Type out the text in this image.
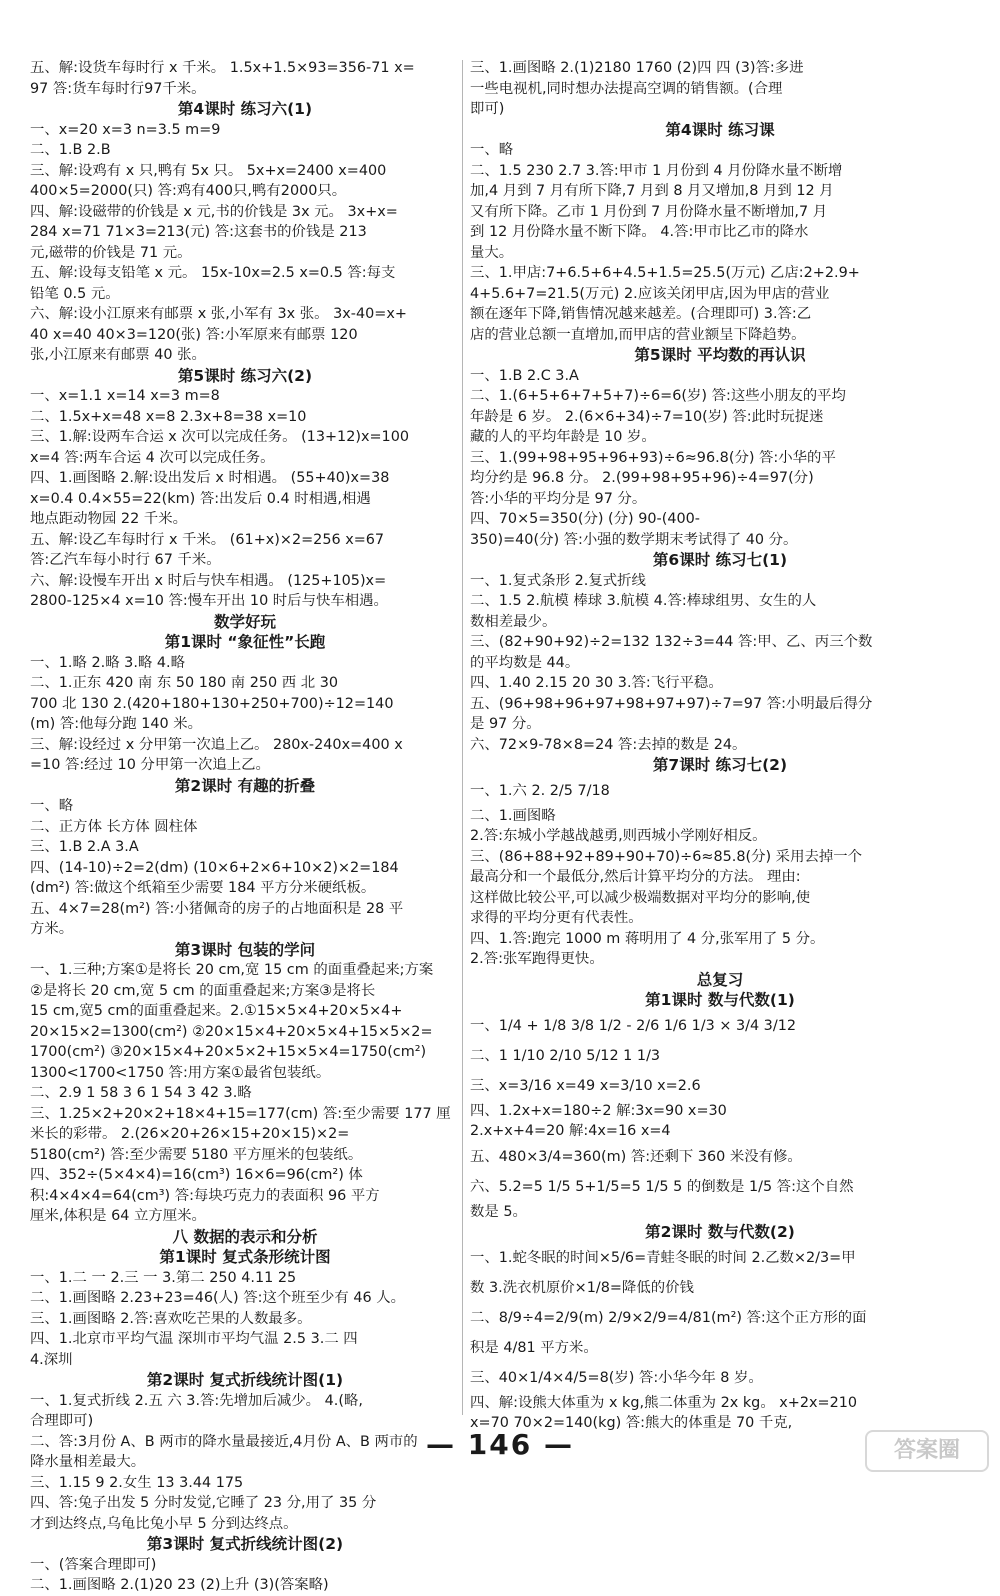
五、解:设货车每时行 x 千米。 1.5x+1.5×93=356-71 x=
97 答:货车每时行97千米。
第4课时 练习六(1)
一、x=20 x=3 n=3.5 m=9
二、1.B 2.B
三、解:设鸡有 x 只,鸭有 5x 只。 5x+x=2400 x=400
400×5=2000(只) 答:鸡有400只,鸭有2000只。
四、解:设磁带的价钱是 x 元,书的价钱是 3x 元。 3x+x=
284 x=71 71×3=213(元) 答:这套书的价钱是 213
元,磁带的价钱是 71 元。
五、解:设每支铅笔 x 元。 15x-10x=2.5 x=0.5 答:每支
铅笔 0.5 元。
六、解:设小江原来有邮票 x 张,小军有 3x 张。 3x-40=x+
40 x=40 40×3=120(张) 答:小军原来有邮票 120
张,小江原来有邮票 40 张。
第5课时 练习六(2)
一、x=1.1 x=14 x=3 m=8
二、1.5x+x=48 x=8 2.3x+8=38 x=10
三、1.解:设两车合运 x 次可以完成任务。 (13+12)x=100
x=4 答:两车合运 4 次可以完成任务。
四、1.画图略 2.解:设出发后 x 时相遇。 (55+40)x=38
x=0.4 0.4×55=22(km) 答:出发后 0.4 时相遇,相遇
地点距动物园 22 千米。
五、解:设乙车每时行 x 千米。 (61+x)×2=256 x=67
答:乙汽车每小时行 67 千米。
六、解:设慢车开出 x 时后与快车相遇。 (125+105)x=
2800-125×4 x=10 答:慢车开出 10 时后与快车相遇。
数学好玩
第1课时 “象征性”长跑
一、1.略 2.略 3.略 4.略
二、1.正东 420 南 东 50 180 南 250 西 北 30
700 北 130 2.(420+180+130+250+700)÷12=140
(m) 答:他每分跑 140 米。
三、解:设经过 x 分甲第一次追上乙。 280x-240x=400 x
=10 答:经过 10 分甲第一次追上乙。
第2课时 有趣的折叠
一、略
二、正方体 长方体 圆柱体
三、1.B 2.A 3.A
四、(14-10)÷2=2(dm) (10×6+2×6+10×2)×2=184
(dm²) 答:做这个纸箱至少需要 184 平方分米硬纸板。
五、4×7=28(m²) 答:小猪佩奇的房子的占地面积是 28 平
方米。
第3课时 包装的学问
一、1.三种;方案①是将长 20 cm,宽 15 cm 的面重叠起来;方案
②是将长 20 cm,宽 5 cm 的面重叠起来;方案③是将长
15 cm,宽5 cm的面重叠起来。2.①15×5×4+20×5×4+
20×15×2=1300(cm²) ②20×15×4+20×5×4+15×5×2=
1700(cm²) ③20×15×4+20×5×2+15×5×4=1750(cm²)
1300<1700<1750 答:用方案①最省包装纸。
二、2.9 1 58 3 6 1 54 3 42 3.略
三、1.25×2+20×2+18×4+15=177(cm) 答:至少需要 177 厘
米长的彩带。 2.(26×20+26×15+20×15)×2=
5180(cm²) 答:至少需要 5180 平方厘米的包装纸。
四、352÷(5×4×4)=16(cm³) 16×6=96(cm²) 体
积:4×4×4=64(cm³) 答:每块巧克力的表面积 96 平方
厘米,体积是 64 立方厘米。
八 数据的表示和分析
第1课时 复式条形统计图
一、1.二 一 2.三 一 3.第二 250 4.11 25
二、1.画图略 2.23+23=46(人) 答:这个班至少有 46 人。
三、1.画图略 2.答:喜欢吃芒果的人数最多。
四、1.北京市平均气温 深圳市平均气温 2.5 3.二 四
4.深圳
第2课时 复式折线统计图(1)
一、1.复式折线 2.五 六 3.答:先增加后减少。 4.(略,
合理即可)
二、答:3月份 A、B 两市的降水量最接近,4月份 A、B 两市的
降水量相差最大。
三、1.15 9 2.女生 13 3.44 175
四、答:兔子出发 5 分时发觉,它睡了 23 分,用了 35 分
才到达终点,乌龟比兔小早 5 分到达终点。
第3课时 复式折线统计图(2)
一、(答案合理即可)
二、1.画图略 2.(1)20 23 (2)上升 (3)(答案略)
三、1.画图略 2.(1)2180 1760 (2)四 四 (3)答:多进
一些电视机,同时想办法提高空调的销售额。(合理
即可)
第4课时 练习课
一、略
二、1.5 230 2.7 3.答:甲市 1 月份到 4 月份降水量不断增
加,4 月到 7 月有所下降,7 月到 8 月又增加,8 月到 12 月
又有所下降。乙市 1 月份到 7 月份降水量不断增加,7 月
到 12 月份降水量不断下降。 4.答:甲市比乙市的降水
量大。
三、1.甲店:7+6.5+6+4.5+1.5=25.5(万元) 乙店:2+2.9+
4+5.6+7=21.5(万元) 2.应该关闭甲店,因为甲店的营业
额在逐年下降,销售情况越来越差。(合理即可) 3.答:乙
店的营业总额一直增加,而甲店的营业额呈下降趋势。
第5课时 平均数的再认识
一、1.B 2.C 3.A
二、1.(6+5+6+7+5+7)÷6=6(岁) 答:这些小朋友的平均
年龄是 6 岁。 2.(6×6+34)÷7=10(岁) 答:此时玩捉迷
藏的人的平均年龄是 10 岁。
三、1.(99+98+95+96+93)÷6≈96.8(分) 答:小华的平
均分约是 96.8 分。 2.(99+98+95+96)÷4=97(分)
答:小华的平均分是 97 分。
四、70×5=350(分) (分) 90-(400-
350)=40(分) 答:小强的数学期末考试得了 40 分。
第6课时 练习七(1)
一、1.复式条形 2.复式折线
二、1.5 2.航模 棒球 3.航模 4.答:棒球组男、女生的人
数相差最少。
三、(82+90+92)÷2=132 132÷3=44 答:甲、乙、丙三个数
的平均数是 44。
四、1.40 2.15 20 30 3.答:飞行平稳。
五、(96+98+96+97+98+97+97)÷7=97 答:小明最后得分
是 97 分。
六、72×9-78×8=24 答:去掉的数是 24。
第7课时 练习七(2)
一、1.六 2. 2/5 7/18
二、1.画图略
2.答:东城小学越战越勇,则西城小学刚好相反。
三、(86+88+92+89+90+70)÷6≈85.8(分) 采用去掉一个
最高分和一个最低分,然后计算平均分的方法。 理由:
这样做比较公平,可以减少极端数据对平均分的影响,使
求得的平均分更有代表性。
四、1.答:跑完 1000 m 蒋明用了 4 分,张军用了 5 分。
2.答:张军跑得更快。
总复习
第1课时 数与代数(1)
一、1/4 + 1/8 3/8 1/2 - 2/6 1/6 1/3 × 3/4 3/12
二、1 1/10 2/10 5/12 1 1/3
三、x=3/16 x=49 x=3/10 x=2.6
四、1.2x+x=180÷2 解:3x=90 x=30
2.x+x+4=20 解:4x=16 x=4
五、480×3/4=360(m) 答:还剩下 360 米没有修。
六、5.2=5 1/5 5+1/5=5 1/5 5 的倒数是 1/5 答:这个自然
数是 5。
第2课时 数与代数(2)
一、1.蛇冬眠的时间×5/6=青蛙冬眠的时间 2.乙数×2/3=甲
数 3.洗衣机原价×1/8=降低的价钱
二、8/9÷4=2/9(m) 2/9×2/9=4/81(m²) 答:这个正方形的面
积是 4/81 平方米。
三、40×1/4×4/5=8(岁) 答:小华今年 8 岁。
四、解:设熊大体重为 x kg,熊二体重为 2x kg。 x+2x=210
x=70 70×2=140(kg) 答:熊大的体重是 70 千克,
— 146 —	答案圈
